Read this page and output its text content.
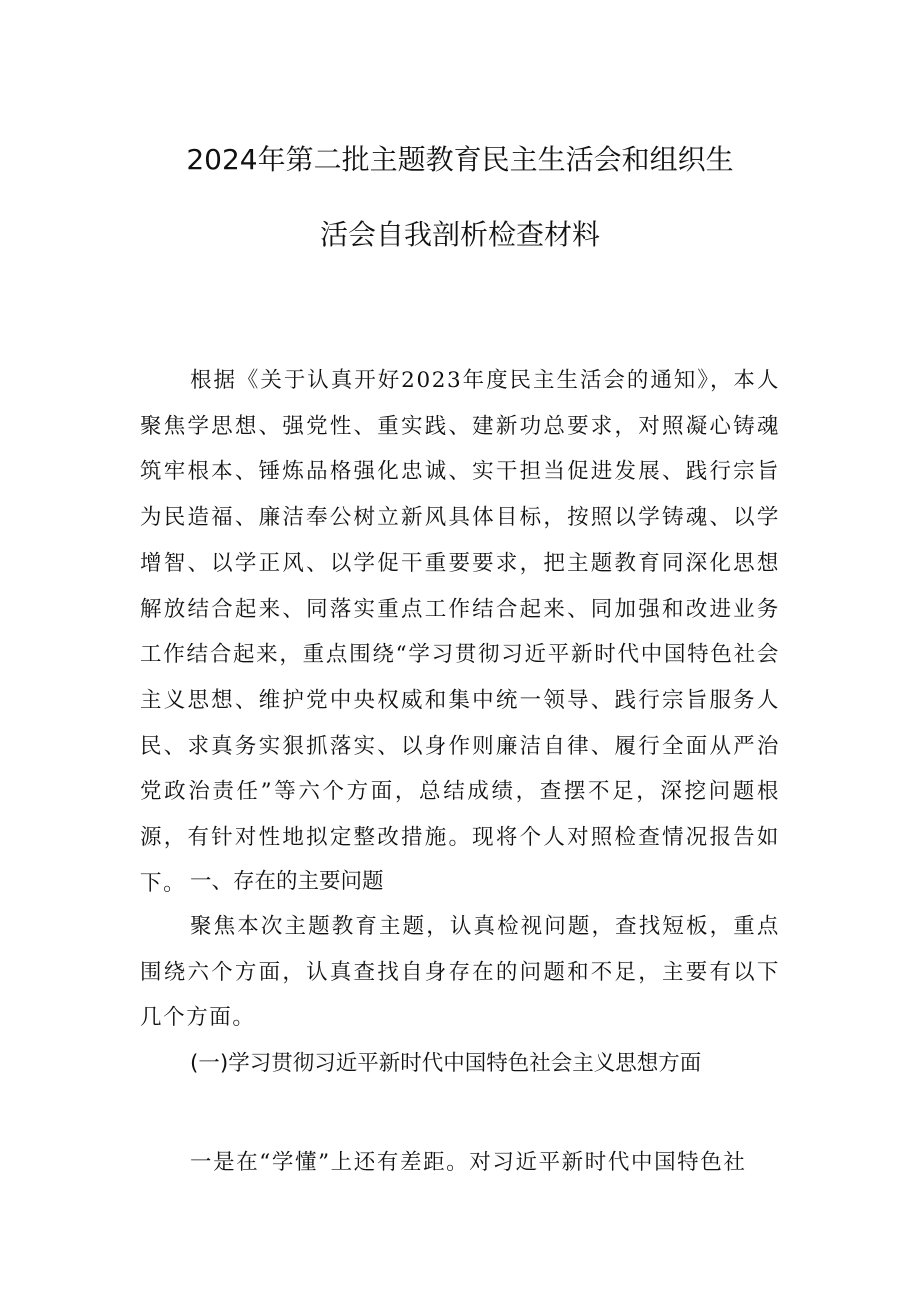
2024年第二批主题教育民主生活会和组织生
活会自我剖析检查材料

根据《关于认真开好2023年度民主生活会的通知》，本人聚焦学思想、强党性、重实践、建新功总要求，对照凝心铸魂筑牢根本、锤炼品格强化忠诚、实干担当促进发展、践行宗旨为民造福、廉洁奉公树立新风具体目标，按照以学铸魂、以学增智、以学正风、以学促干重要要求，把主题教育同深化思想解放结合起来、同落实重点工作结合起来、同加强和改进业务工作结合起来，重点围绕“学习贯彻习近平新时代中国特色社会主义思想、维护党中央权威和集中统一领导、践行宗旨服务人民、求真务实狠抓落实、以身作则廉洁自律、履行全面从严治党政治责任”等六个方面，总结成绩，查摆不足，深挖问题根源，有针对性地拟定整改措施。现将个人对照检查情况报告如下。 一、存在的主要问题

聚焦本次主题教育主题，认真检视问题，查找短板，重点围绕六个方面，认真查找自身存在的问题和不足，主要有以下几个方面。

(一)学习贯彻习近平新时代中国特色社会主义思想方面

一是在“学懂”上还有差距。对习近平新时代中国特色社
